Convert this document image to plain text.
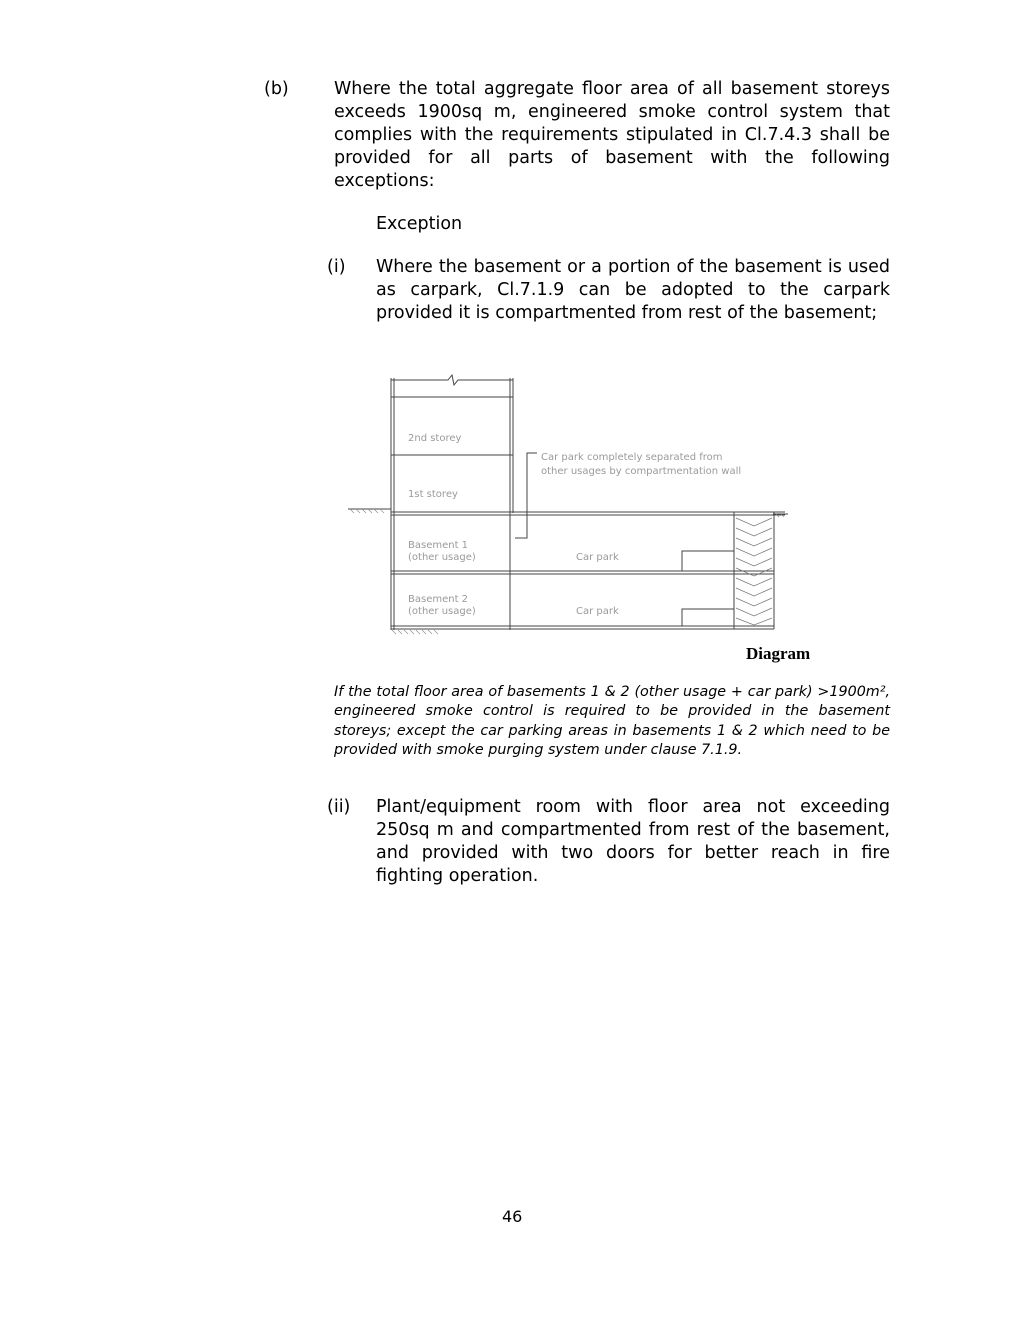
(b)	Where the total aggregate floor area of all basement storeys exceeds 1900sq m, engineered smoke control system that complies with the requirements stipulated in Cl.7.4.3 shall be provided for all parts of basement with the following exceptions:

Exception
(i) Where the basement or a portion of the basement is used as carpark, Cl.7.1.9 can be adopted to the carpark provided it is compartmented from rest of the basement;

2nd storey
1st storey
Car park completely separated from
other usages by compartmentation wall
Basement 1
(other usage)	Car park
Basement 2
(other usage)	Car park
Diagram

If the total floor area of basements 1 & 2 (other usage + car park) >1900m², engineered smoke control is required to be provided in the basement storeys; except the car parking areas in basements 1 & 2 which need to be provided with smoke purging system under clause 7.1.9.

(ii) Plant/equipment room with floor area not exceeding 250sq m and compartmented from rest of the basement, and provided with two doors for better reach in fire fighting operation.

46
